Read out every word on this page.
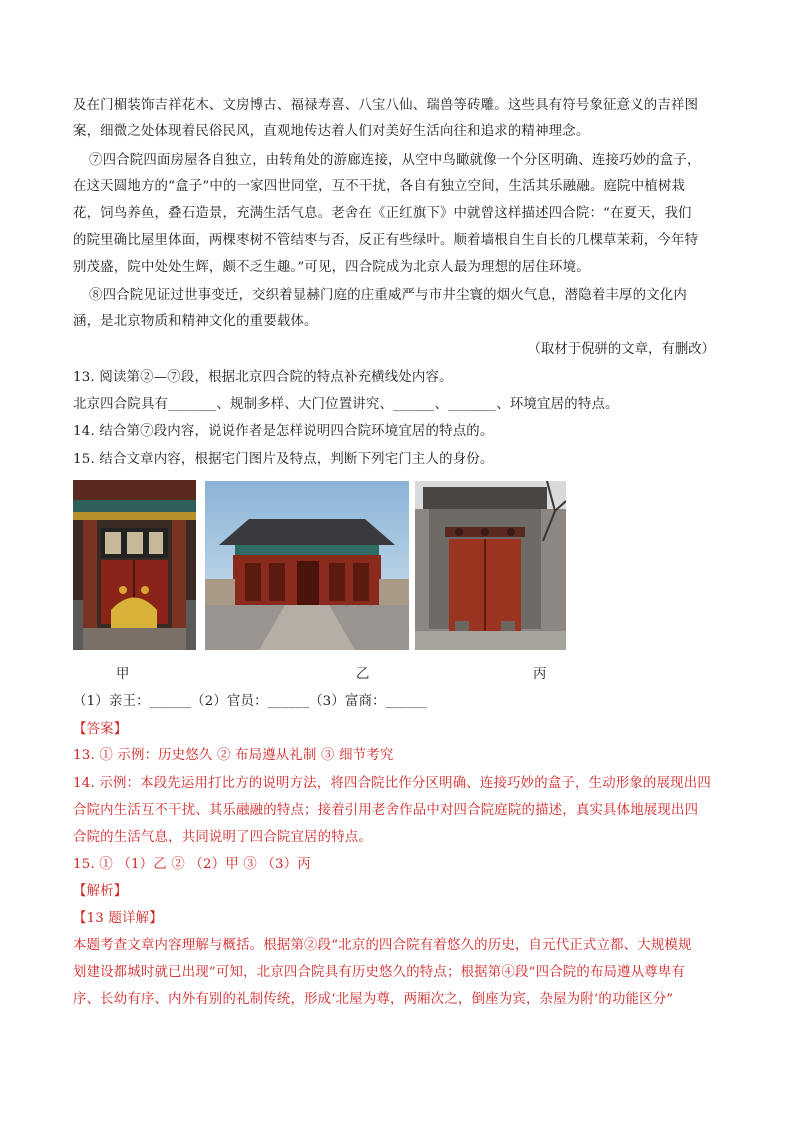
及在门楣装饰吉祥花木、文房博古、福禄寿喜、八宝八仙、瑞兽等砖雕。这些具有符号象征意义的吉祥图
案，细微之处体现着民俗民风，直观地传达着人们对美好生活向往和追求的精神理念。
⑦四合院四面房屋各自独立，由转角处的游廊连接，从空中鸟瞰就像一个分区明确、连接巧妙的盒子，
在这天圆地方的“盒子”中的一家四世同堂，互不干扰，各自有独立空间，生活其乐融融。庭院中植树栽
花，饲鸟养鱼，叠石造景，充满生活气息。老舍在《正红旗下》中就曾这样描述四合院：“在夏天，我们
的院里确比屋里体面，两棵枣树不管结枣与否，反正有些绿叶。顺着墙根自生自长的几棵草茉莉，今年特
别茂盛，院中处处生辉，颇不乏生趣。”可见，四合院成为北京人最为理想的居住环境。
⑧四合院见证过世事变迁，交织着显赫门庭的庄重威严与市井尘寰的烟火气息，潜隐着丰厚的文化内
涵，是北京物质和精神文化的重要载体。
（取材于倪骈的文章，有删改）
13. 阅读第②—⑦段，根据北京四合院的特点补充横线处内容。
北京四合院具有_______、规制多样、大门位置讲究、______、_______、环境宜居的特点。
14. 结合第⑦段内容，说说作者是怎样说明四合院环境宜居的特点的。
15. 结合文章内容，根据宅门图片及特点，判断下列宅门主人的身份。
甲	乙	丙
（1）亲王：______（2）官员：______（3）富商：______
【答案】
13. ① 示例：历史悠久 ② 布局遵从礼制 ③ 细节考究
14. 示例：本段先运用打比方的说明方法，将四合院比作分区明确、连接巧妙的盒子，生动形象的展现出四
合院内生活互不干扰、其乐融融的特点；接着引用老舍作品中对四合院庭院的描述，真实具体地展现出四
合院的生活气息，共同说明了四合院宜居的特点。
15. ① （1）乙 ② （2）甲 ③ （3）丙
【解析】
【13 题详解】
本题考查文章内容理解与概括。根据第②段“北京的四合院有着悠久的历史，自元代正式立都、大规模规
划建设都城时就已出现”可知，北京四合院具有历史悠久的特点；根据第④段“四合院的布局遵从尊卑有
序、长幼有序、内外有别的礼制传统，形成‘北屋为尊，两厢次之，倒座为宾，杂屋为附’的功能区分”
